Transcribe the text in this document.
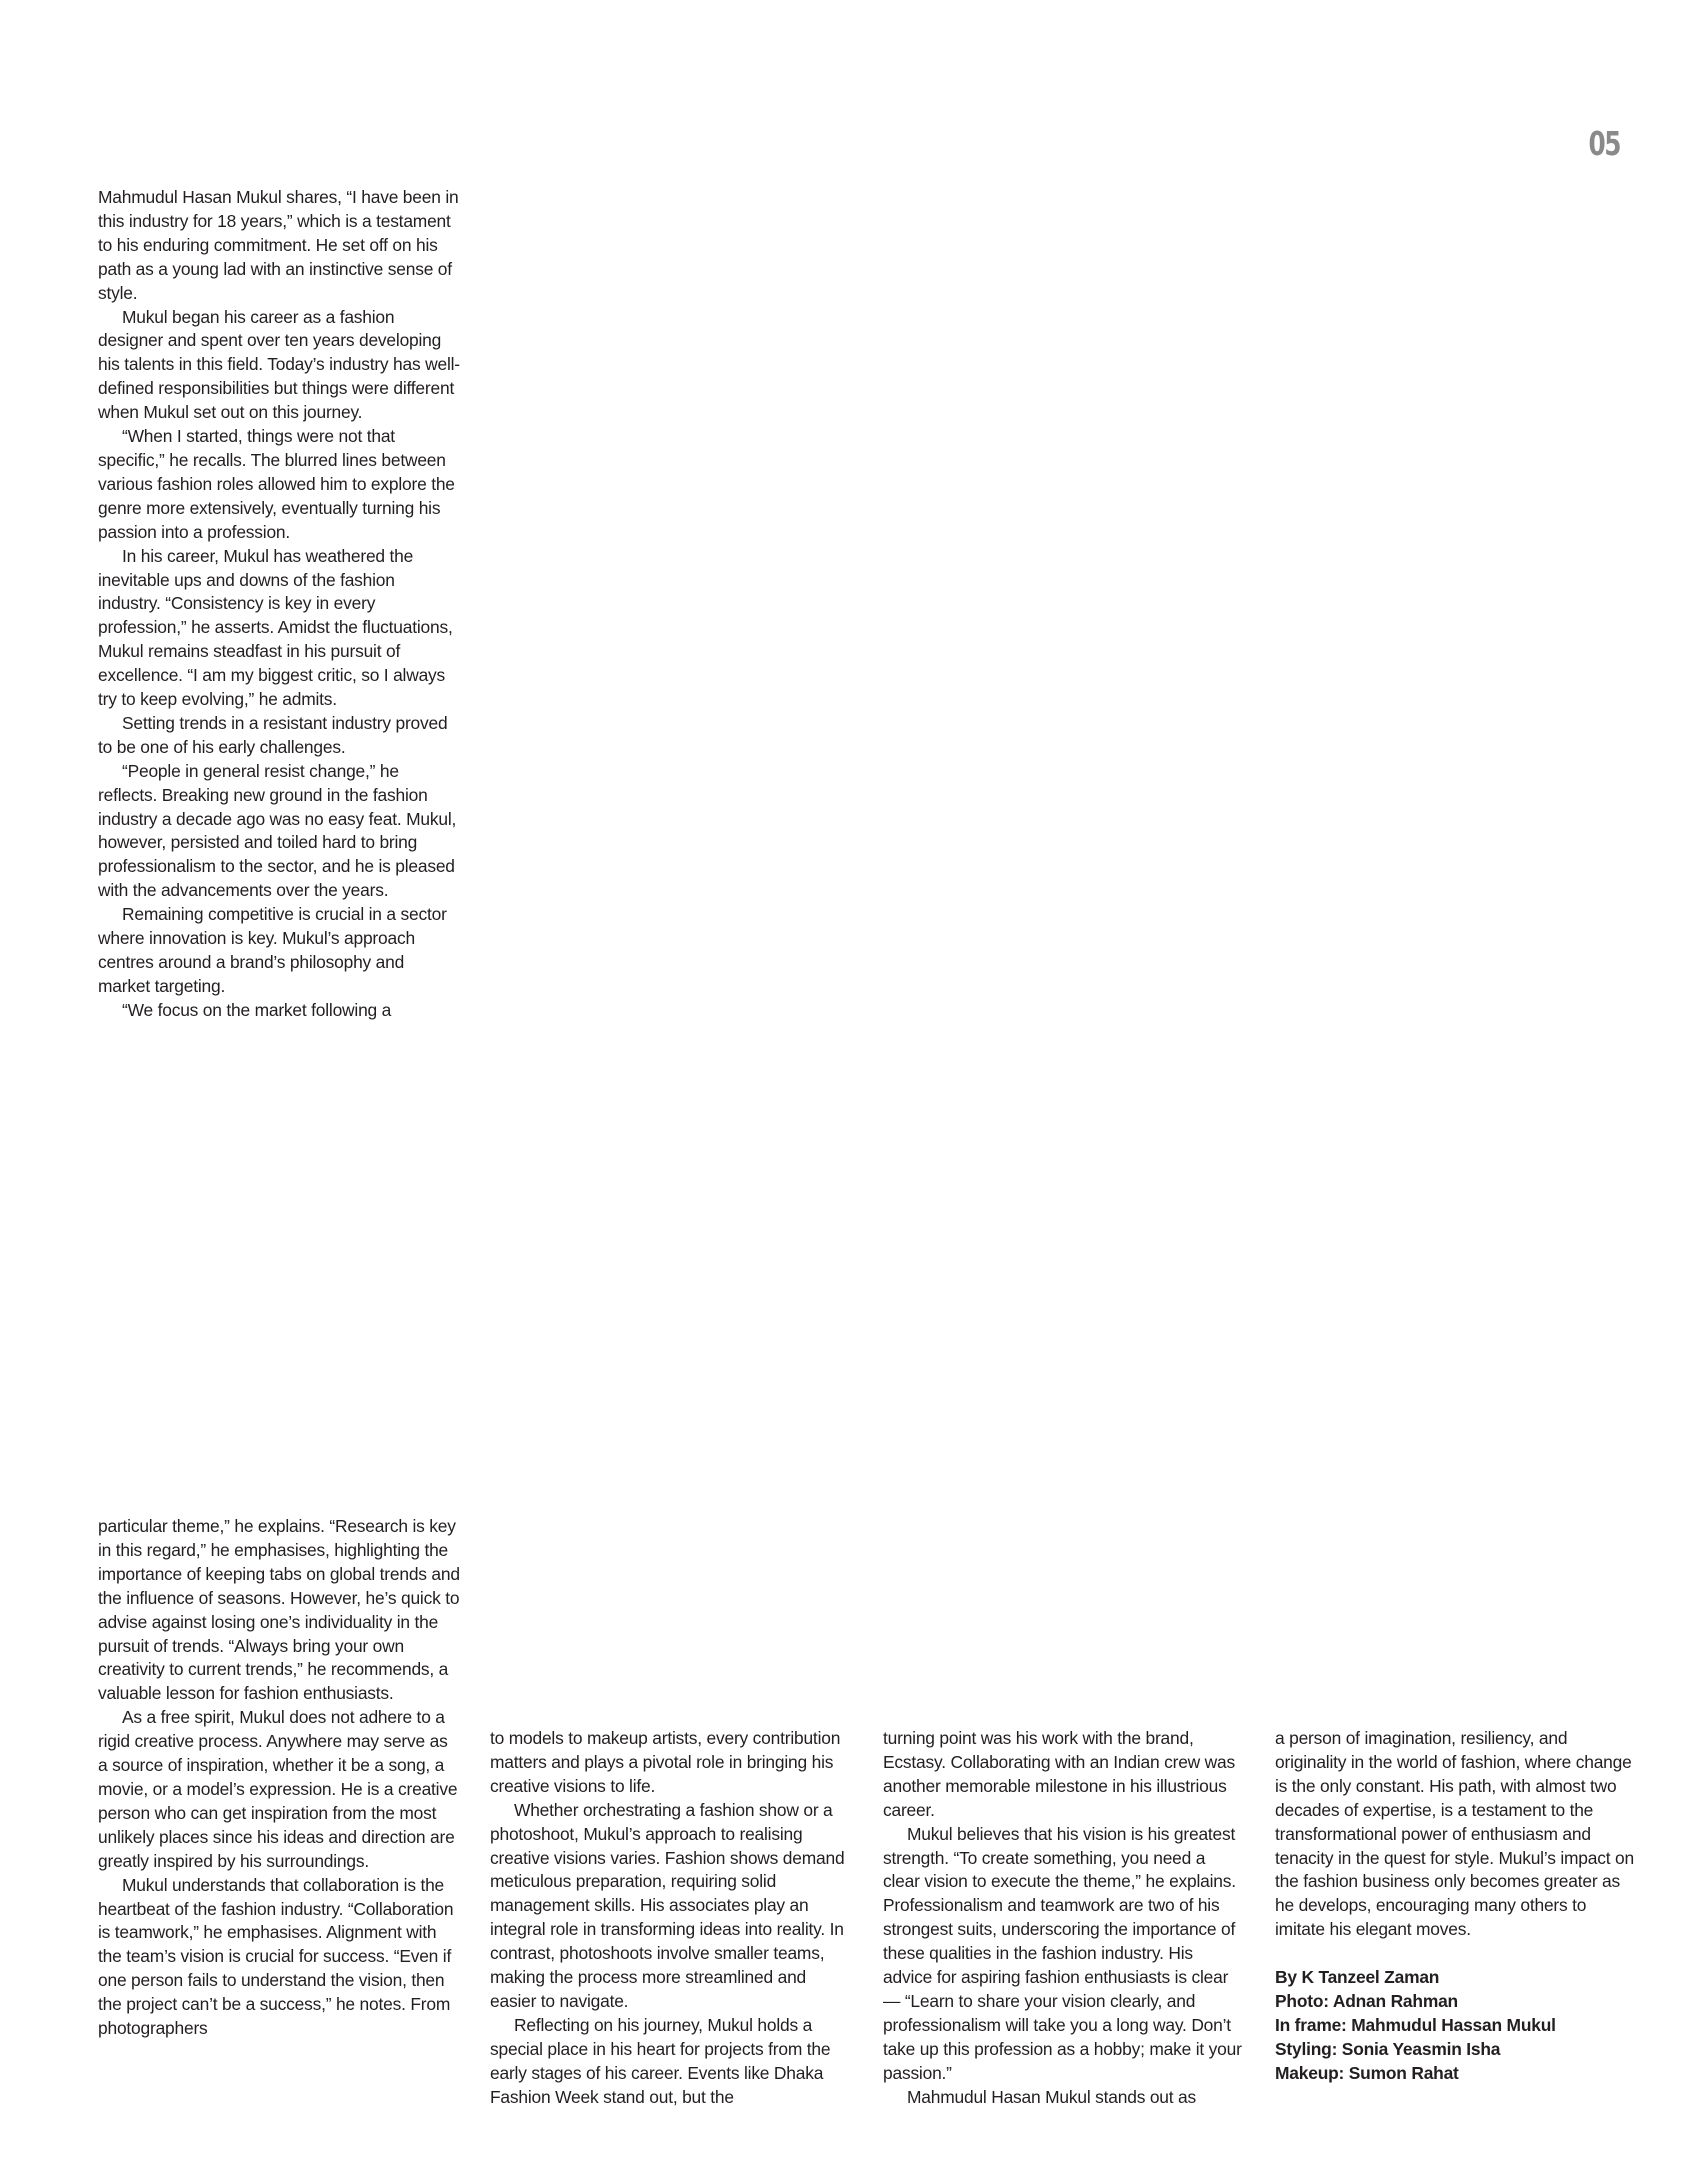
05

Mahmudul Hasan Mukul shares, “I have been in this industry for 18 years,” which is a testament to his enduring commitment. He set off on his path as a young lad with an instinctive sense of style.

Mukul began his career as a fashion designer and spent over ten years developing his talents in this field. Today’s industry has well-defined responsibilities but things were different when Mukul set out on this journey.

“When I started, things were not that specific,” he recalls. The blurred lines between various fashion roles allowed him to explore the genre more extensively, eventually turning his passion into a profession.

In his career, Mukul has weathered the inevitable ups and downs of the fashion industry. “Consistency is key in every profession,” he asserts. Amidst the fluctuations, Mukul remains steadfast in his pursuit of excellence. “I am my biggest critic, so I always try to keep evolving,” he admits.

Setting trends in a resistant industry proved to be one of his early challenges.

“People in general resist change,” he reflects. Breaking new ground in the fashion industry a decade ago was no easy feat. Mukul, however, persisted and toiled hard to bring professionalism to the sector, and he is pleased with the advancements over the years.

Remaining competitive is crucial in a sector where innovation is key. Mukul’s approach centres around a brand’s philosophy and market targeting.

“We focus on the market following a

particular theme,” he explains. “Research is key in this regard,” he emphasises, highlighting the importance of keeping tabs on global trends and the influence of seasons. However, he’s quick to advise against losing one’s individuality in the pursuit of trends. “Always bring your own creativity to current trends,” he recommends, a valuable lesson for fashion enthusiasts.

As a free spirit, Mukul does not adhere to a rigid creative process. Anywhere may serve as a source of inspiration, whether it be a song, a movie, or a model’s expression. He is a creative person who can get inspiration from the most unlikely places since his ideas and direction are greatly inspired by his surroundings.

Mukul understands that collaboration is the heartbeat of the fashion industry. “Collaboration is teamwork,” he emphasises. Alignment with the team’s vision is crucial for success. “Even if one person fails to understand the vision, then the project can’t be a success,” he notes. From photographers

to models to makeup artists, every contribution matters and plays a pivotal role in bringing his creative visions to life.

Whether orchestrating a fashion show or a photoshoot, Mukul’s approach to realising creative visions varies. Fashion shows demand meticulous preparation, requiring solid management skills. His associates play an integral role in transforming ideas into reality. In contrast, photoshoots involve smaller teams, making the process more streamlined and easier to navigate.

Reflecting on his journey, Mukul holds a special place in his heart for projects from the early stages of his career. Events like Dhaka Fashion Week stand out, but the

turning point was his work with the brand, Ecstasy. Collaborating with an Indian crew was another memorable milestone in his illustrious career.

Mukul believes that his vision is his greatest strength. “To create something, you need a clear vision to execute the theme,” he explains. Professionalism and teamwork are two of his strongest suits, underscoring the importance of these qualities in the fashion industry. His advice for aspiring fashion enthusiasts is clear — “Learn to share your vision clearly, and professionalism will take you a long way. Don’t take up this profession as a hobby; make it your passion.”

Mahmudul Hasan Mukul stands out as

a person of imagination, resiliency, and originality in the world of fashion, where change is the only constant. His path, with almost two decades of expertise, is a testament to the transformational power of enthusiasm and tenacity in the quest for style. Mukul’s impact on the fashion business only becomes greater as he develops, encouraging many others to imitate his elegant moves.

By K Tanzeel Zaman
Photo: Adnan Rahman
In frame: Mahmudul Hassan Mukul
Styling: Sonia Yeasmin Isha
Makeup: Sumon Rahat
